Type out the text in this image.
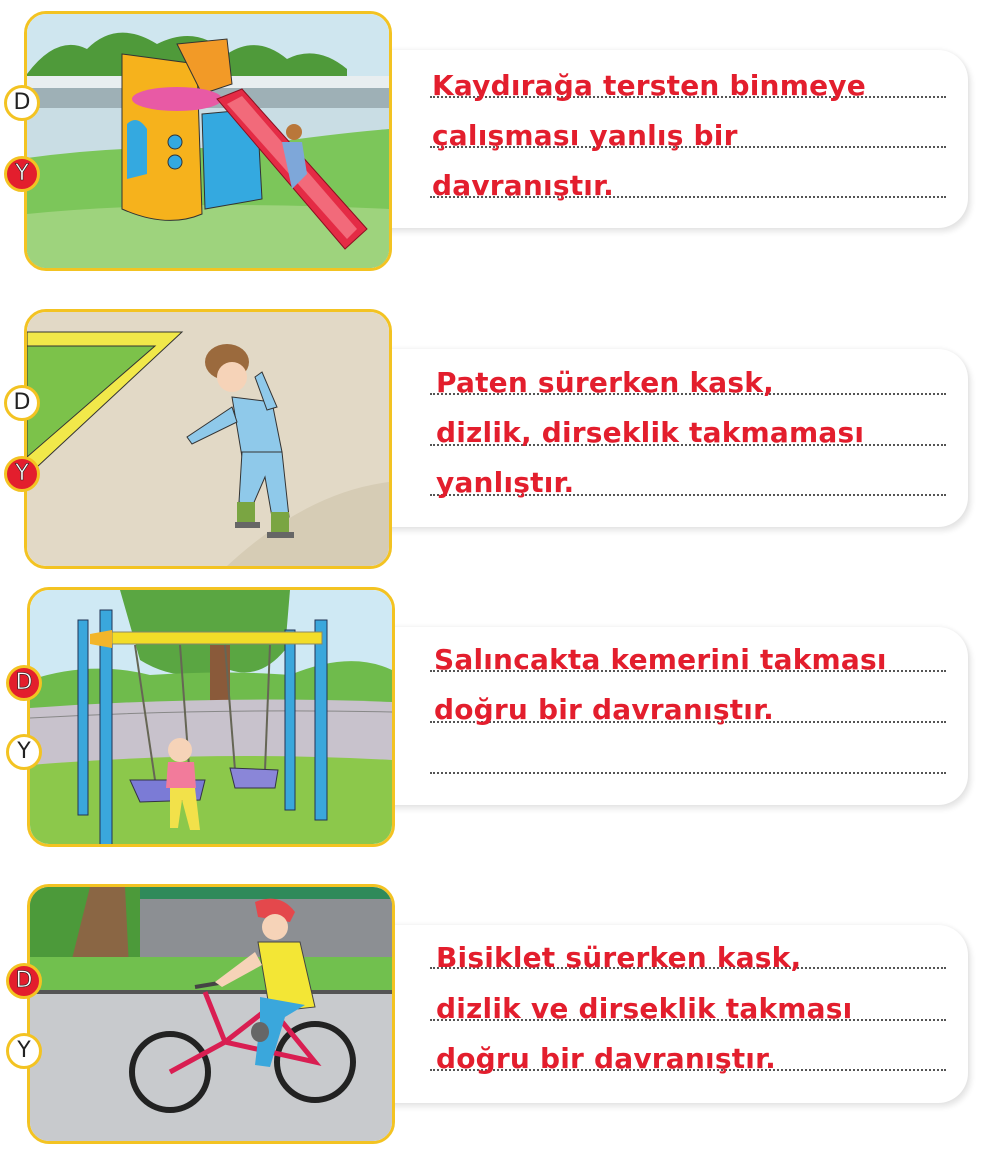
Kaydırağa tersten binmeye

çalışması yanlış bir

davranıştır.

D
Y

Paten sürerken kask,

dizlik, dirseklik takmaması

yanlıştır.

D
Y

Salıncakta kemerini takması

doğru bir davranıştır.

D
Y

Bisiklet sürerken kask,

dizlik ve dirseklik takması

doğru bir davranıştır.

D
Y
